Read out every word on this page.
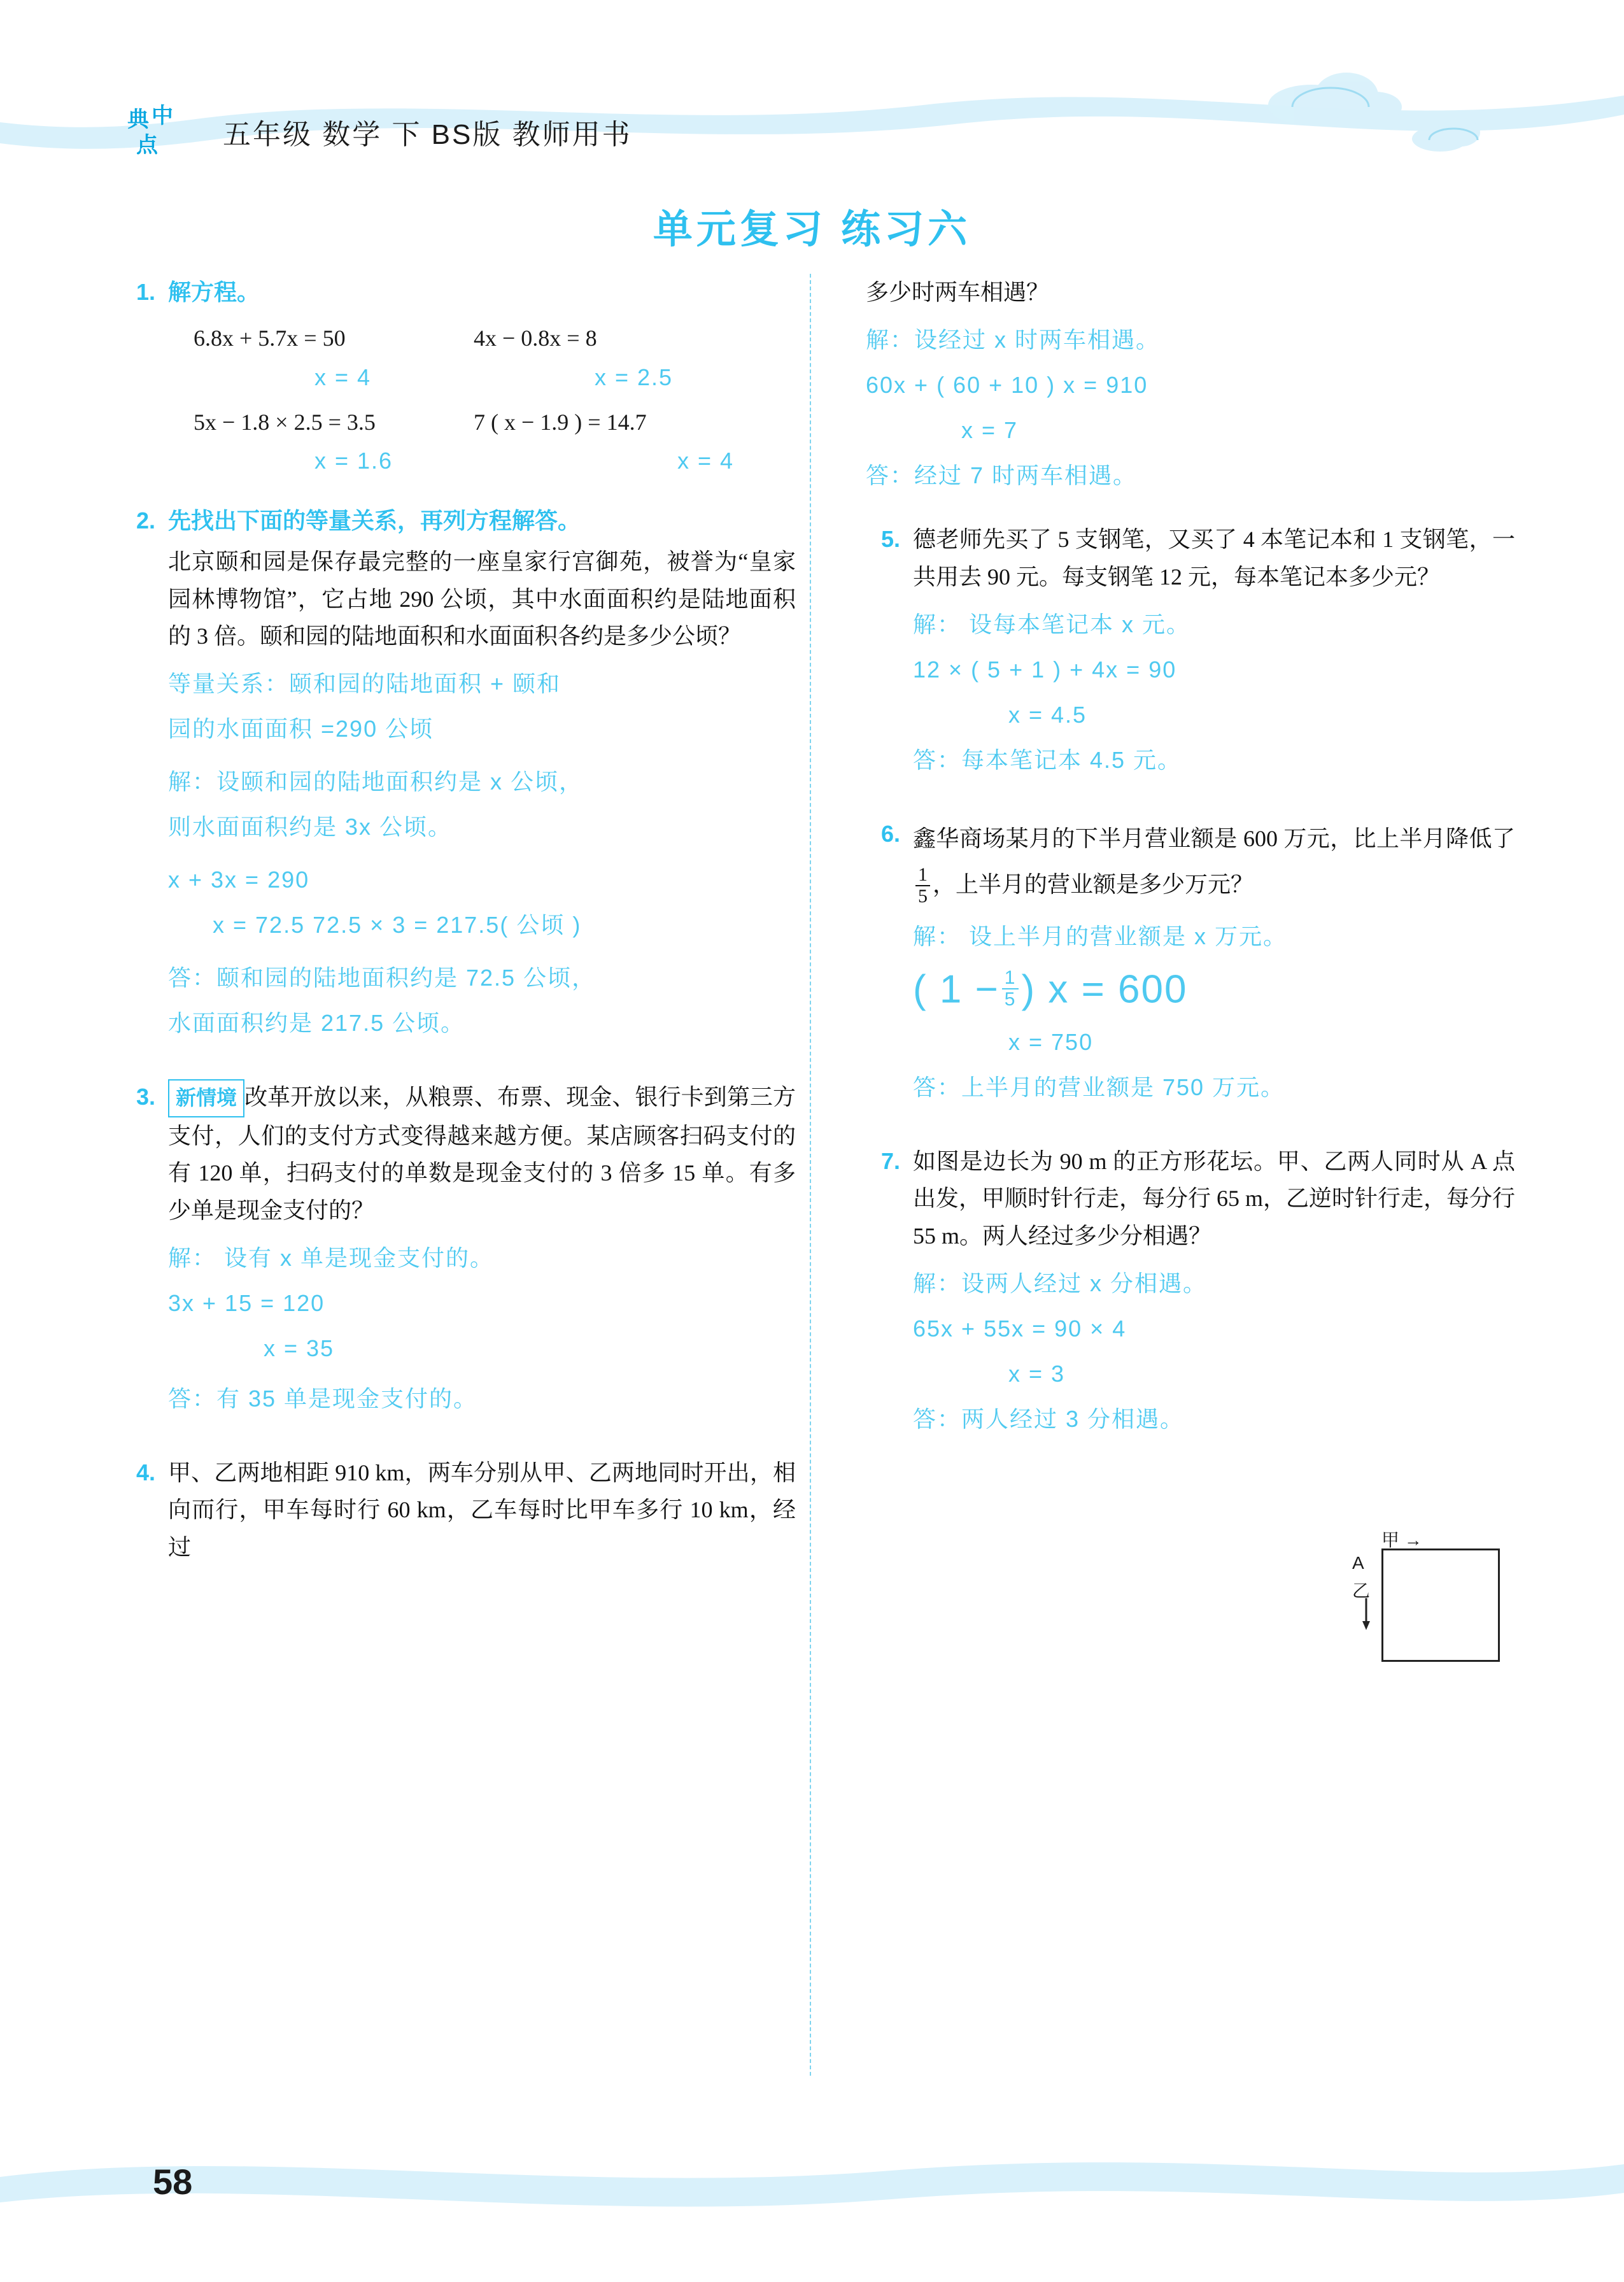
典 中
点 五年级 数学 下 BS版 教师用书
单元复习 练习六
1. 解方程。
6.8x + 5.7x = 50	4x − 0.8x = 8
x = 4	x = 2.5
5x − 1.8 × 2.5 = 3.5	7 ( x − 1.9 ) = 14.7
x = 1.6	x = 4
2. 先找出下面的等量关系，再列方程解答。
北京颐和园是保存最完整的一座皇家行宫御苑，被誉为“皇家园林博物馆”，它占地 290 公顷，其中水面面积约是陆地面积的 3 倍。颐和园的陆地面积和水面面积各约是多少公顷？
等量关系：颐和园的陆地面积 + 颐和
园的水面面积 =290 公顷
解：设颐和园的陆地面积约是 x 公顷，
则水面面积约是 3x 公顷。
x + 3x = 290
x = 72.5 72.5 × 3 = 217.5( 公顷 )
答：颐和园的陆地面积约是 72.5 公顷，
水面面积约是 217.5 公顷。
3.	新情境 改革开放以来，从粮票、布票、现金、银行卡到第三方支付，人们的支付方式变得越来越方便。某店顾客扫码支付的有 120 单，扫码支付的单数是现金支付的 3 倍多 15 单。有多少单是现金支付的？
解： 设有 x 单是现金支付的。
3x + 15 = 120
x = 35
答：有 35 单是现金支付的。
4. 甲、乙两地相距 910 km，两车分别从甲、乙两地同时开出，相向而行，甲车每时行 60 km，乙车每时比甲车多行 10 km，经过
多少时两车相遇？
解：设经过 x 时两车相遇。
60x + ( 60 + 10 ) x = 910
x = 7
答：经过 7 时两车相遇。
5. 德老师先买了 5 支钢笔，又买了 4 本笔记本和 1 支钢笔，一共用去 90 元。每支钢笔 12 元，每本笔记本多少元？
解： 设每本笔记本 x 元。
12 × ( 5 + 1 ) + 4x = 90
x = 4.5
答：每本笔记本 4.5 元。
6. 鑫华商场某月的下半月营业额是 600 万元，比上半月降低了
$\frac{1}{5}$ ，上半月的营业额是多少万元？
解： 设上半月的营业额是 x 万元。
( $1 - \frac{1}{5}$ ) x = 600
x = 750
答：上半月的营业额是 750 万元。
7. 如图是边长为 90 m 的正方形花坛。甲、乙两人同时从 A 点出发，甲顺时针行走，每分行 65 m，乙逆时针行走，每分行 55 m。两人经过多少分相遇？
解：设两人经过 x 分相遇。
65x + 55x = 90 × 4
x = 3
答：两人经过 3 分相遇。
A
甲 →
乙
58
